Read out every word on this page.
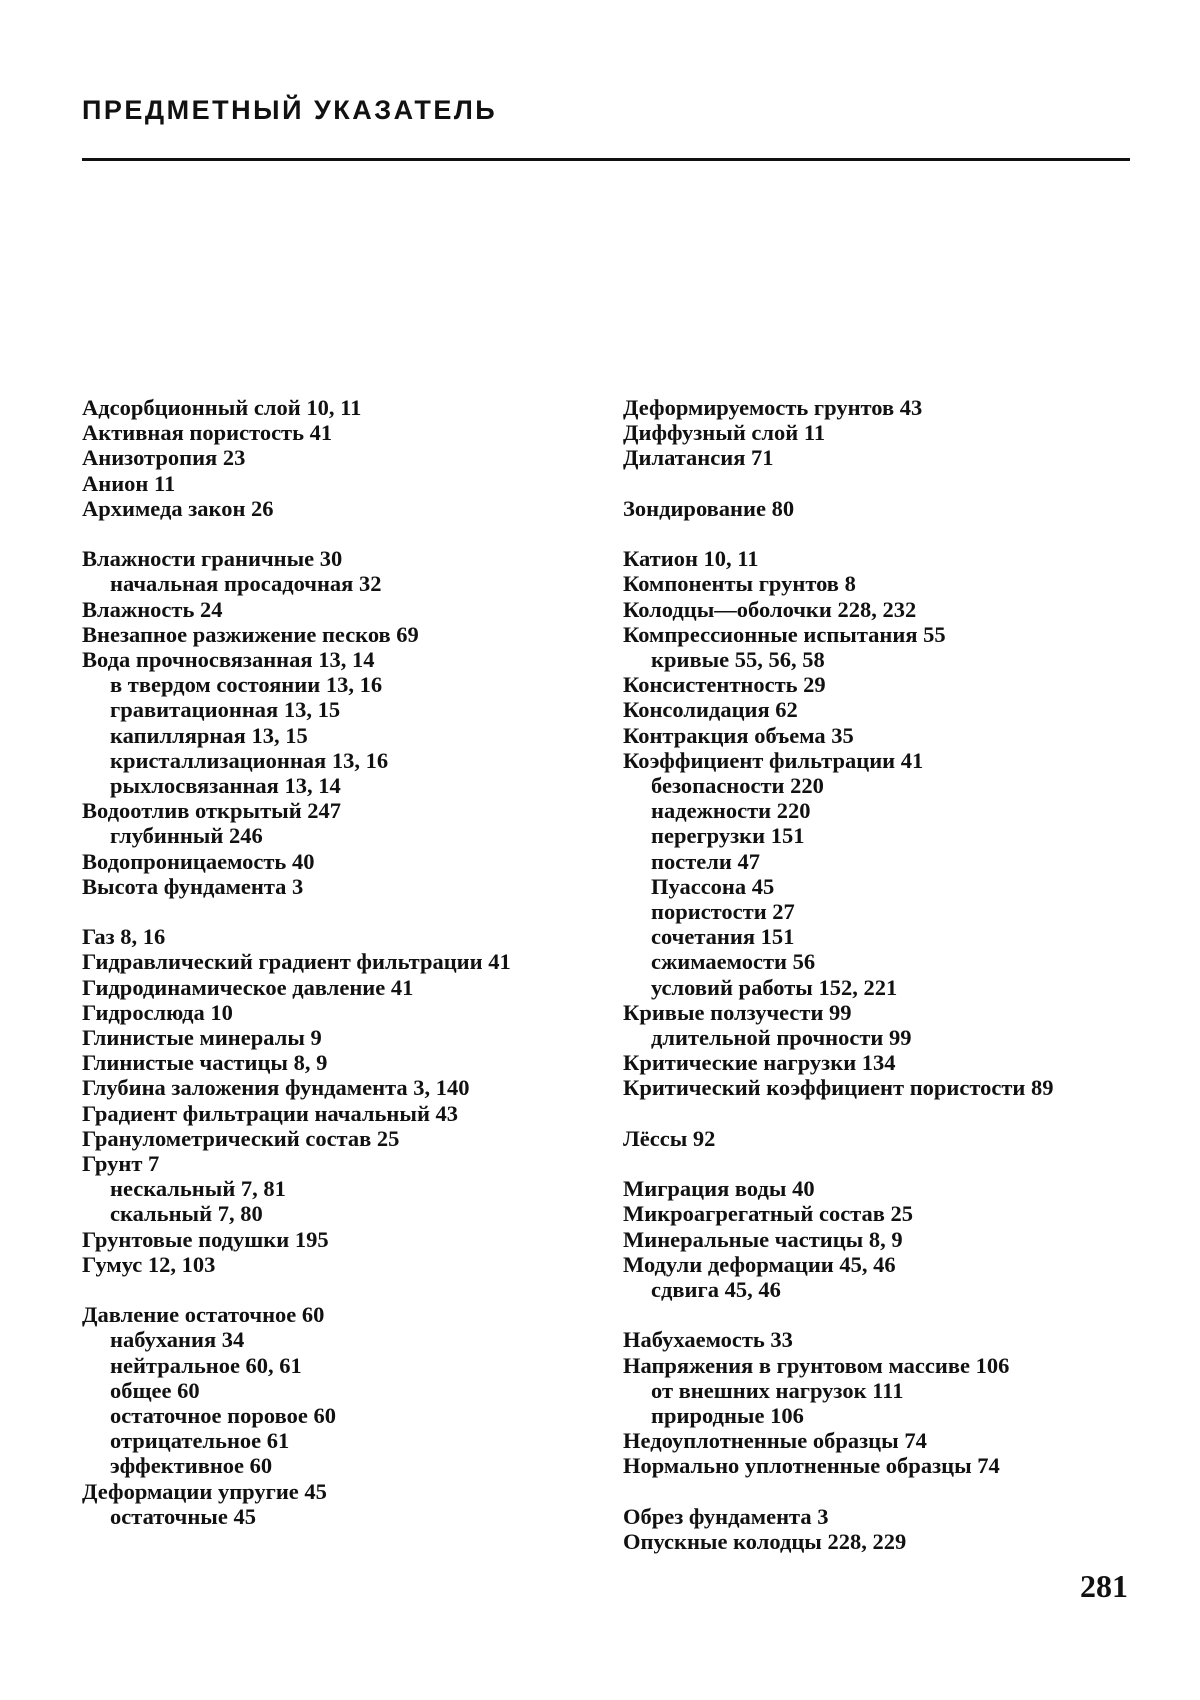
ПРЕДМЕТНЫЙ УКАЗАТЕЛЬ

Адсорбционный слой 10, 11

Активная пористость 41

Анизотропия 23

Анион 11

Архимеда закон 26

Влажности граничные 30

начальная просадочная 32

Влажность 24

Внезапное разжижение песков 69

Вода прочносвязанная 13, 14

в твердом состоянии 13, 16

гравитационная 13, 15

капиллярная 13, 15

кристаллизационная 13, 16

рыхлосвязанная 13, 14

Водоотлив открытый 247

глубинный 246

Водопроницаемость 40

Высота фундамента 3

Газ 8, 16

Гидравлический градиент фильтрации 41

Гидродинамическое давление 41

Гидрослюда 10

Глинистые минералы 9

Глинистые частицы 8, 9

Глубина заложения фундамента 3, 140

Градиент фильтрации начальный 43

Гранулометрический состав 25

Грунт 7

нескальный 7, 81

скальный 7, 80

Грунтовые подушки 195

Гумус 12, 103

Давление остаточное 60

набухания 34

нейтральное 60, 61

общее 60

остаточное поровое 60

отрицательное 61

эффективное 60

Деформации упругие 45

остаточные 45

Деформируемость грунтов 43

Диффузный слой 11

Дилатансия 71

Зондирование 80

Катион 10, 11

Компоненты грунтов 8

Колодцы—оболочки 228, 232

Компрессионные испытания 55

кривые 55, 56, 58

Консистентность 29

Консолидация 62

Контракция объема 35

Коэффициент фильтрации 41

безопасности 220

надежности 220

перегрузки 151

постели 47

Пуассона 45

пористости 27

сочетания 151

сжимаемости 56

условий работы 152, 221

Кривые ползучести 99

длительной прочности 99

Критические нагрузки 134

Критический коэффициент пористости 89

Лёссы 92

Миграция воды 40

Микроагрегатный состав 25

Минеральные частицы 8, 9

Модули деформации 45, 46

сдвига 45, 46

Набухаемость 33

Напряжения в грунтовом массиве 106

от внешних нагрузок 111

природные 106

Недоуплотненные образцы 74

Нормально уплотненные образцы 74

Обрез фундамента 3

Опускные колодцы 228, 229

281
